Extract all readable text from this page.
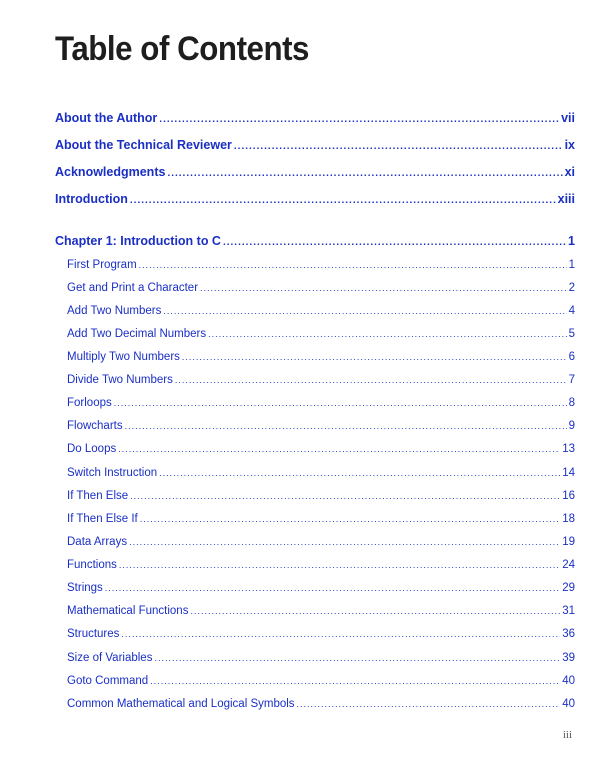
Table of Contents
About the Author .....	vii
About the Technical Reviewer .....	ix
Acknowledgments .....	xi
Introduction .....	xiii
Chapter 1: Introduction to C .....	1
First Program .....	1
Get and Print a Character .....	2
Add Two Numbers .....	4
Add Two Decimal Numbers .....	5
Multiply Two Numbers .....	6
Divide Two Numbers .....	7
Forloops .....	8
Flowcharts .....	9
Do Loops .....	13
Switch Instruction .....	14
If Then Else .....	16
If Then Else If .....	18
Data Arrays .....	19
Functions .....	24
Strings .....	29
Mathematical Functions .....	31
Structures .....	36
Size of Variables .....	39
Goto Command .....	40
Common Mathematical and Logical Symbols .....	40
iii
